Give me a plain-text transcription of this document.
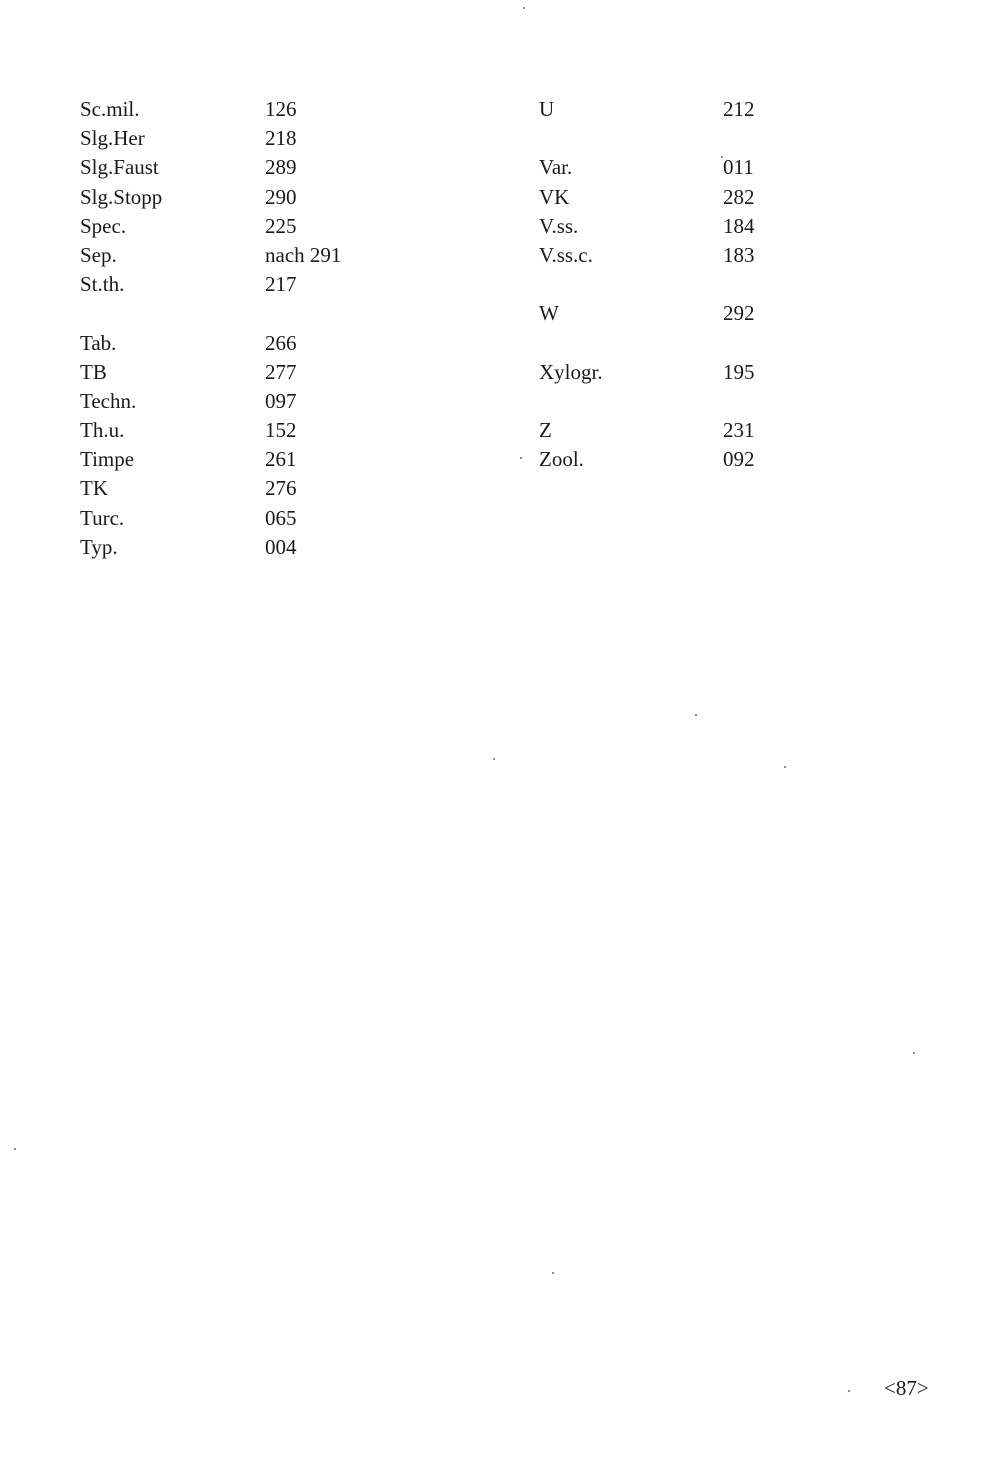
Sc.mil.	126
Slg.Her	218
Slg.Faust	289
Slg.Stopp	290
Spec.	225
Sep.	nach 291
St.th.	217
Tab.	266
TB	277
Techn.	097
Th.u.	152
Timpe	261
TK	276
Turc.	065
Typ.	004
U	212
Var.	011
VK	282
V.ss.	184
V.ss.c.	183
W	292
Xylogr.	195
Z	231
Zool.	092
<87>
